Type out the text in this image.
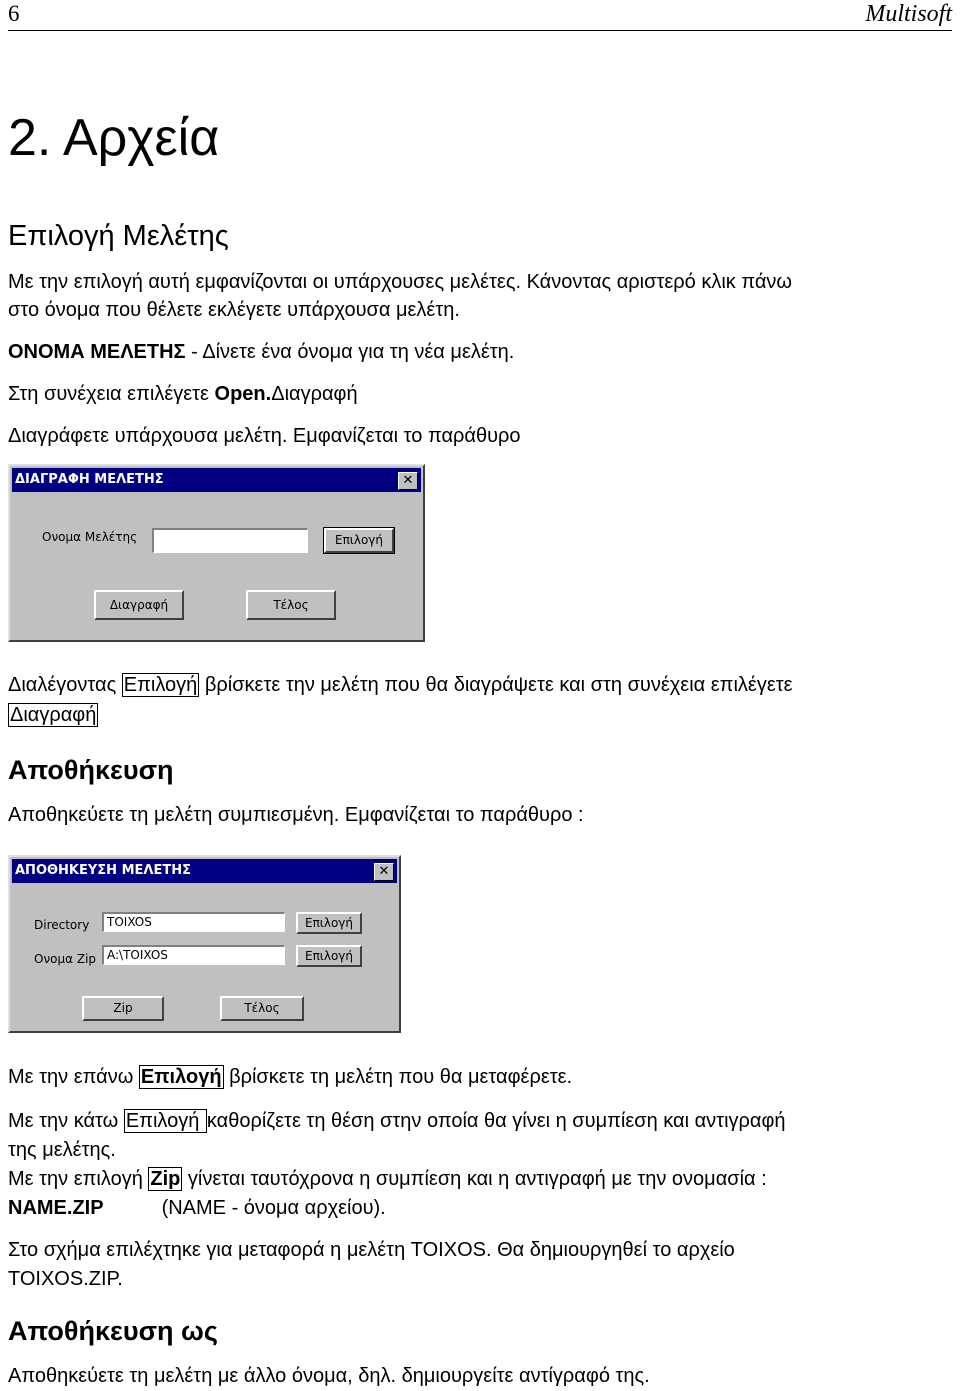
6	Multisoft
2. Αρχεία
Επιλογή Μελέτης
Με την επιλογή αυτή εμφανίζονται οι υπάρχουσες μελέτες. Κάνοντας αριστερό κλικ πάνω
στο όνομα που θέλετε εκλέγετε υπάρχουσα μελέτη.
ΟΝΟΜΑ ΜΕΛΕΤΗΣ - Δίνετε ένα όνομα για τη νέα μελέτη.
Στη συνέχεια επιλέγετε Open.Διαγραφή
Διαγράφετε υπάρχουσα μελέτη. Εμφανίζεται το παράθυρο
ΔΙΑΓΡΑΦΗ ΜΕΛΕΤΗΣ	✕
Ονομα Μελέτης	Επιλογή
Διαγραφή	Τέλος
Διαλέγοντας Επιλογή βρίσκετε την μελέτη που θα διαγράψετε και στη συνέχεια επιλέγετε
Διαγραφή
Αποθήκευση
Αποθηκεύετε τη μελέτη συμπιεσμένη. Εμφανίζεται το παράθυρο :
ΑΠΟΘΗΚΕΥΣΗ ΜΕΛΕΤΗΣ	✕
Directory	TOIXOS	Επιλογή
Ονομα Zip A:\TOIXOS	Επιλογή
Zip	Τέλος
Με την επάνω Επιλογή βρίσκετε τη μελέτη που θα μεταφέρετε.
Με την κάτω Επιλογή καθορίζετε τη θέση στην οποία θα γίνει η συμπίεση και αντιγραφή
της μελέτης.
Με την επιλογή Zip γίνεται ταυτόχρονα η συμπίεση και η αντιγραφή με την ονομασία :
NAME.ZIP	(NAME - όνομα αρχείου).
Στο σχήμα επιλέχτηκε για μεταφορά η μελέτη TOIXOS. Θα δημιουργηθεί το αρχείο
TOIXOS.ZIP.
Αποθήκευση ως
Αποθηκεύετε τη μελέτη με άλλο όνομα, δηλ. δημιουργείτε αντίγραφό της.
